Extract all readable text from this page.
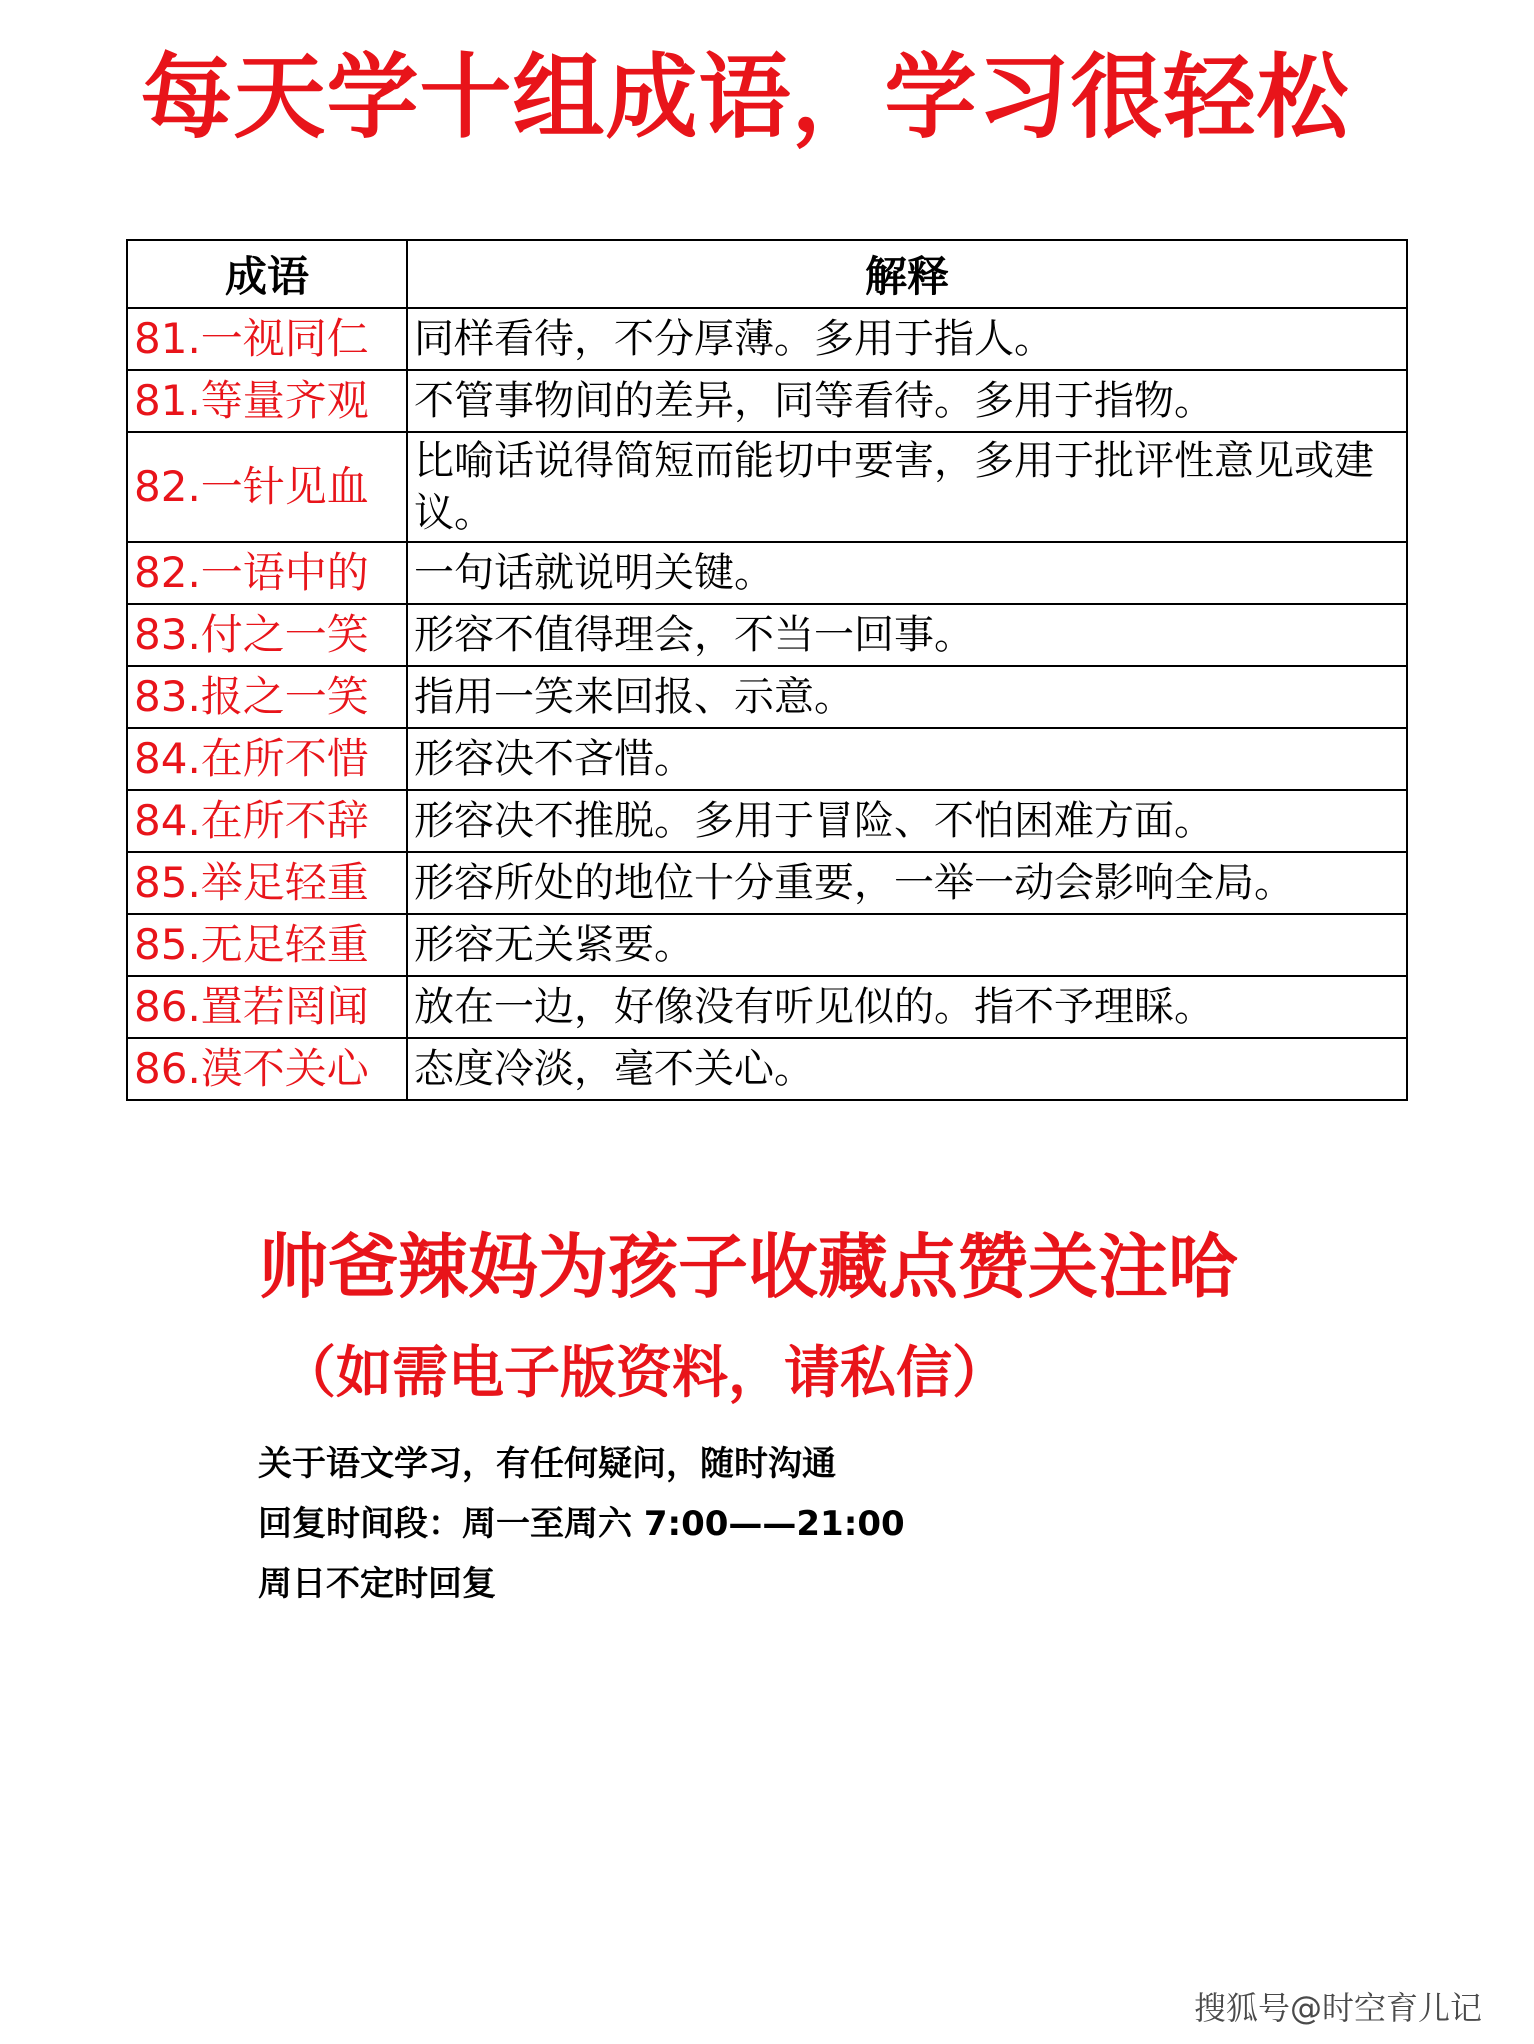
每天学十组成语，学习很轻松
成语	解释
81.一视同仁	同样看待，不分厚薄。多用于指人。
81.等量齐观	不管事物间的差异，同等看待。多用于指物。
82.一针见血	比喻话说得简短而能切中要害，多用于批评性意见或建议。
82.一语中的	一句话就说明关键。
83.付之一笑	形容不值得理会，不当一回事。
83.报之一笑	指用一笑来回报、示意。
84.在所不惜	形容决不吝惜。
84.在所不辞	形容决不推脱。多用于冒险、不怕困难方面。
85.举足轻重	形容所处的地位十分重要，一举一动会影响全局。
85.无足轻重	形容无关紧要。
86.置若罔闻	放在一边，好像没有听见似的。指不予理睬。
86.漠不关心	态度冷淡，毫不关心。

帅爸辣妈为孩子收藏点赞关注哈

（如需电子版资料，请私信）

关于语文学习，有任何疑问，随时沟通

回复时间段：周一至周六 7:00——21:00

周日不定时回复

搜狐号@时空育儿记
